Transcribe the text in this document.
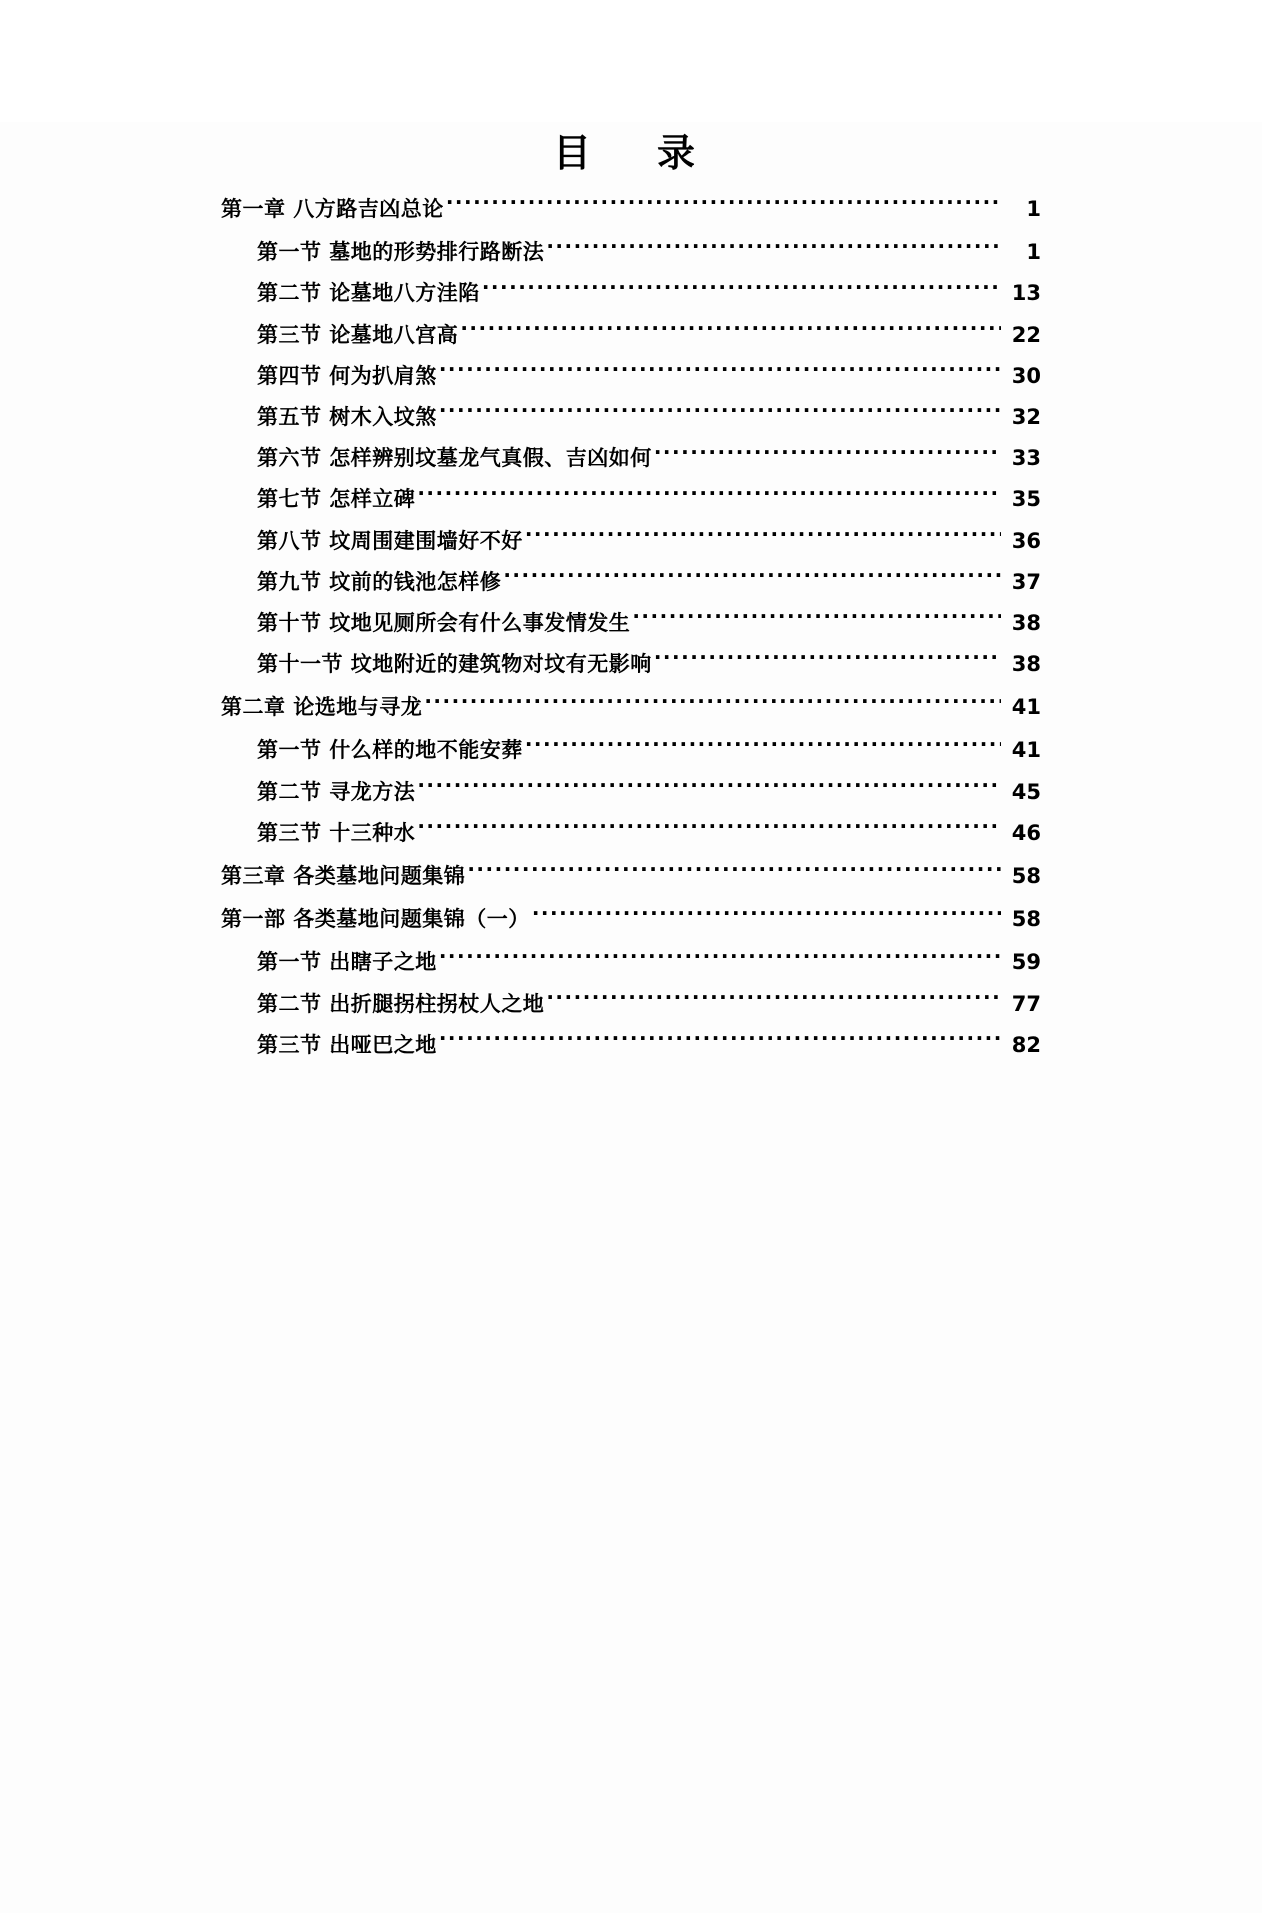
目　录
第一章 八方路吉凶总论 ·····	1
第一节 墓地的形势排行路断法 ·····	1
第二节 论墓地八方洼陷 ·····	13
第三节 论墓地八宫高 ·····	22
第四节 何为扒肩煞 ·····	30
第五节 树木入坟煞 ·····	32
第六节 怎样辨别坟墓龙气真假、吉凶如何 ·····	33
第七节 怎样立碑 ·····	35
第八节 坟周围建围墙好不好 ·····	36
第九节 坟前的钱池怎样修 ·····	37
第十节 坟地见厕所会有什么事发情发生 ·····	38
第十一节 坟地附近的建筑物对坟有无影响 ·····	38
第二章 论选地与寻龙 ·····	41
第一节 什么样的地不能安葬 ·····	41
第二节 寻龙方法 ·····	45
第三节 十三种水 ·····	46
第三章 各类墓地问题集锦 ·····	58
第一部 各类墓地问题集锦（一） ·····	58
第一节 出瞎子之地 ·····	59
第二节 出折腿拐柱拐杖人之地 ·····	77
第三节 出哑巴之地 ·····	82
